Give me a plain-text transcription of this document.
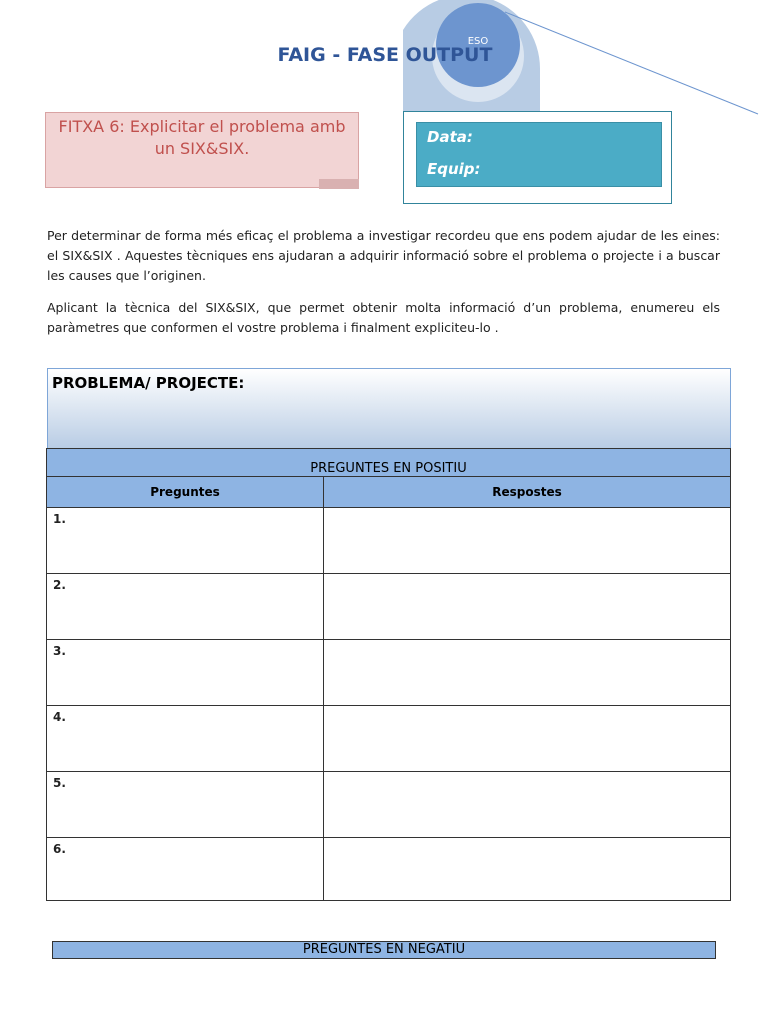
ESO
FAIG - FASE OUTPUT
FITXA 6: Explicitar el problema amb un SIX&SIX.
Data:
Equip:
Per determinar de forma més eficaç el problema a investigar recordeu que ens podem ajudar de les eines: el SIX&SIX . Aquestes tècniques ens ajudaran a adquirir informació sobre el problema o projecte i a buscar les causes que l’originen.
Aplicant la tècnica del SIX&SIX, que permet obtenir molta informació d’un problema, enumereu els paràmetres que conformen el vostre problema i finalment expliciteu-lo .
PREGUNTES EN POSITIU	
Preguntes	Respostes
1.	
2.	
3.	
4.	
5.	
6.	
PROBLEMA/ PROJECTE:
PREGUNTES EN NEGATIU
